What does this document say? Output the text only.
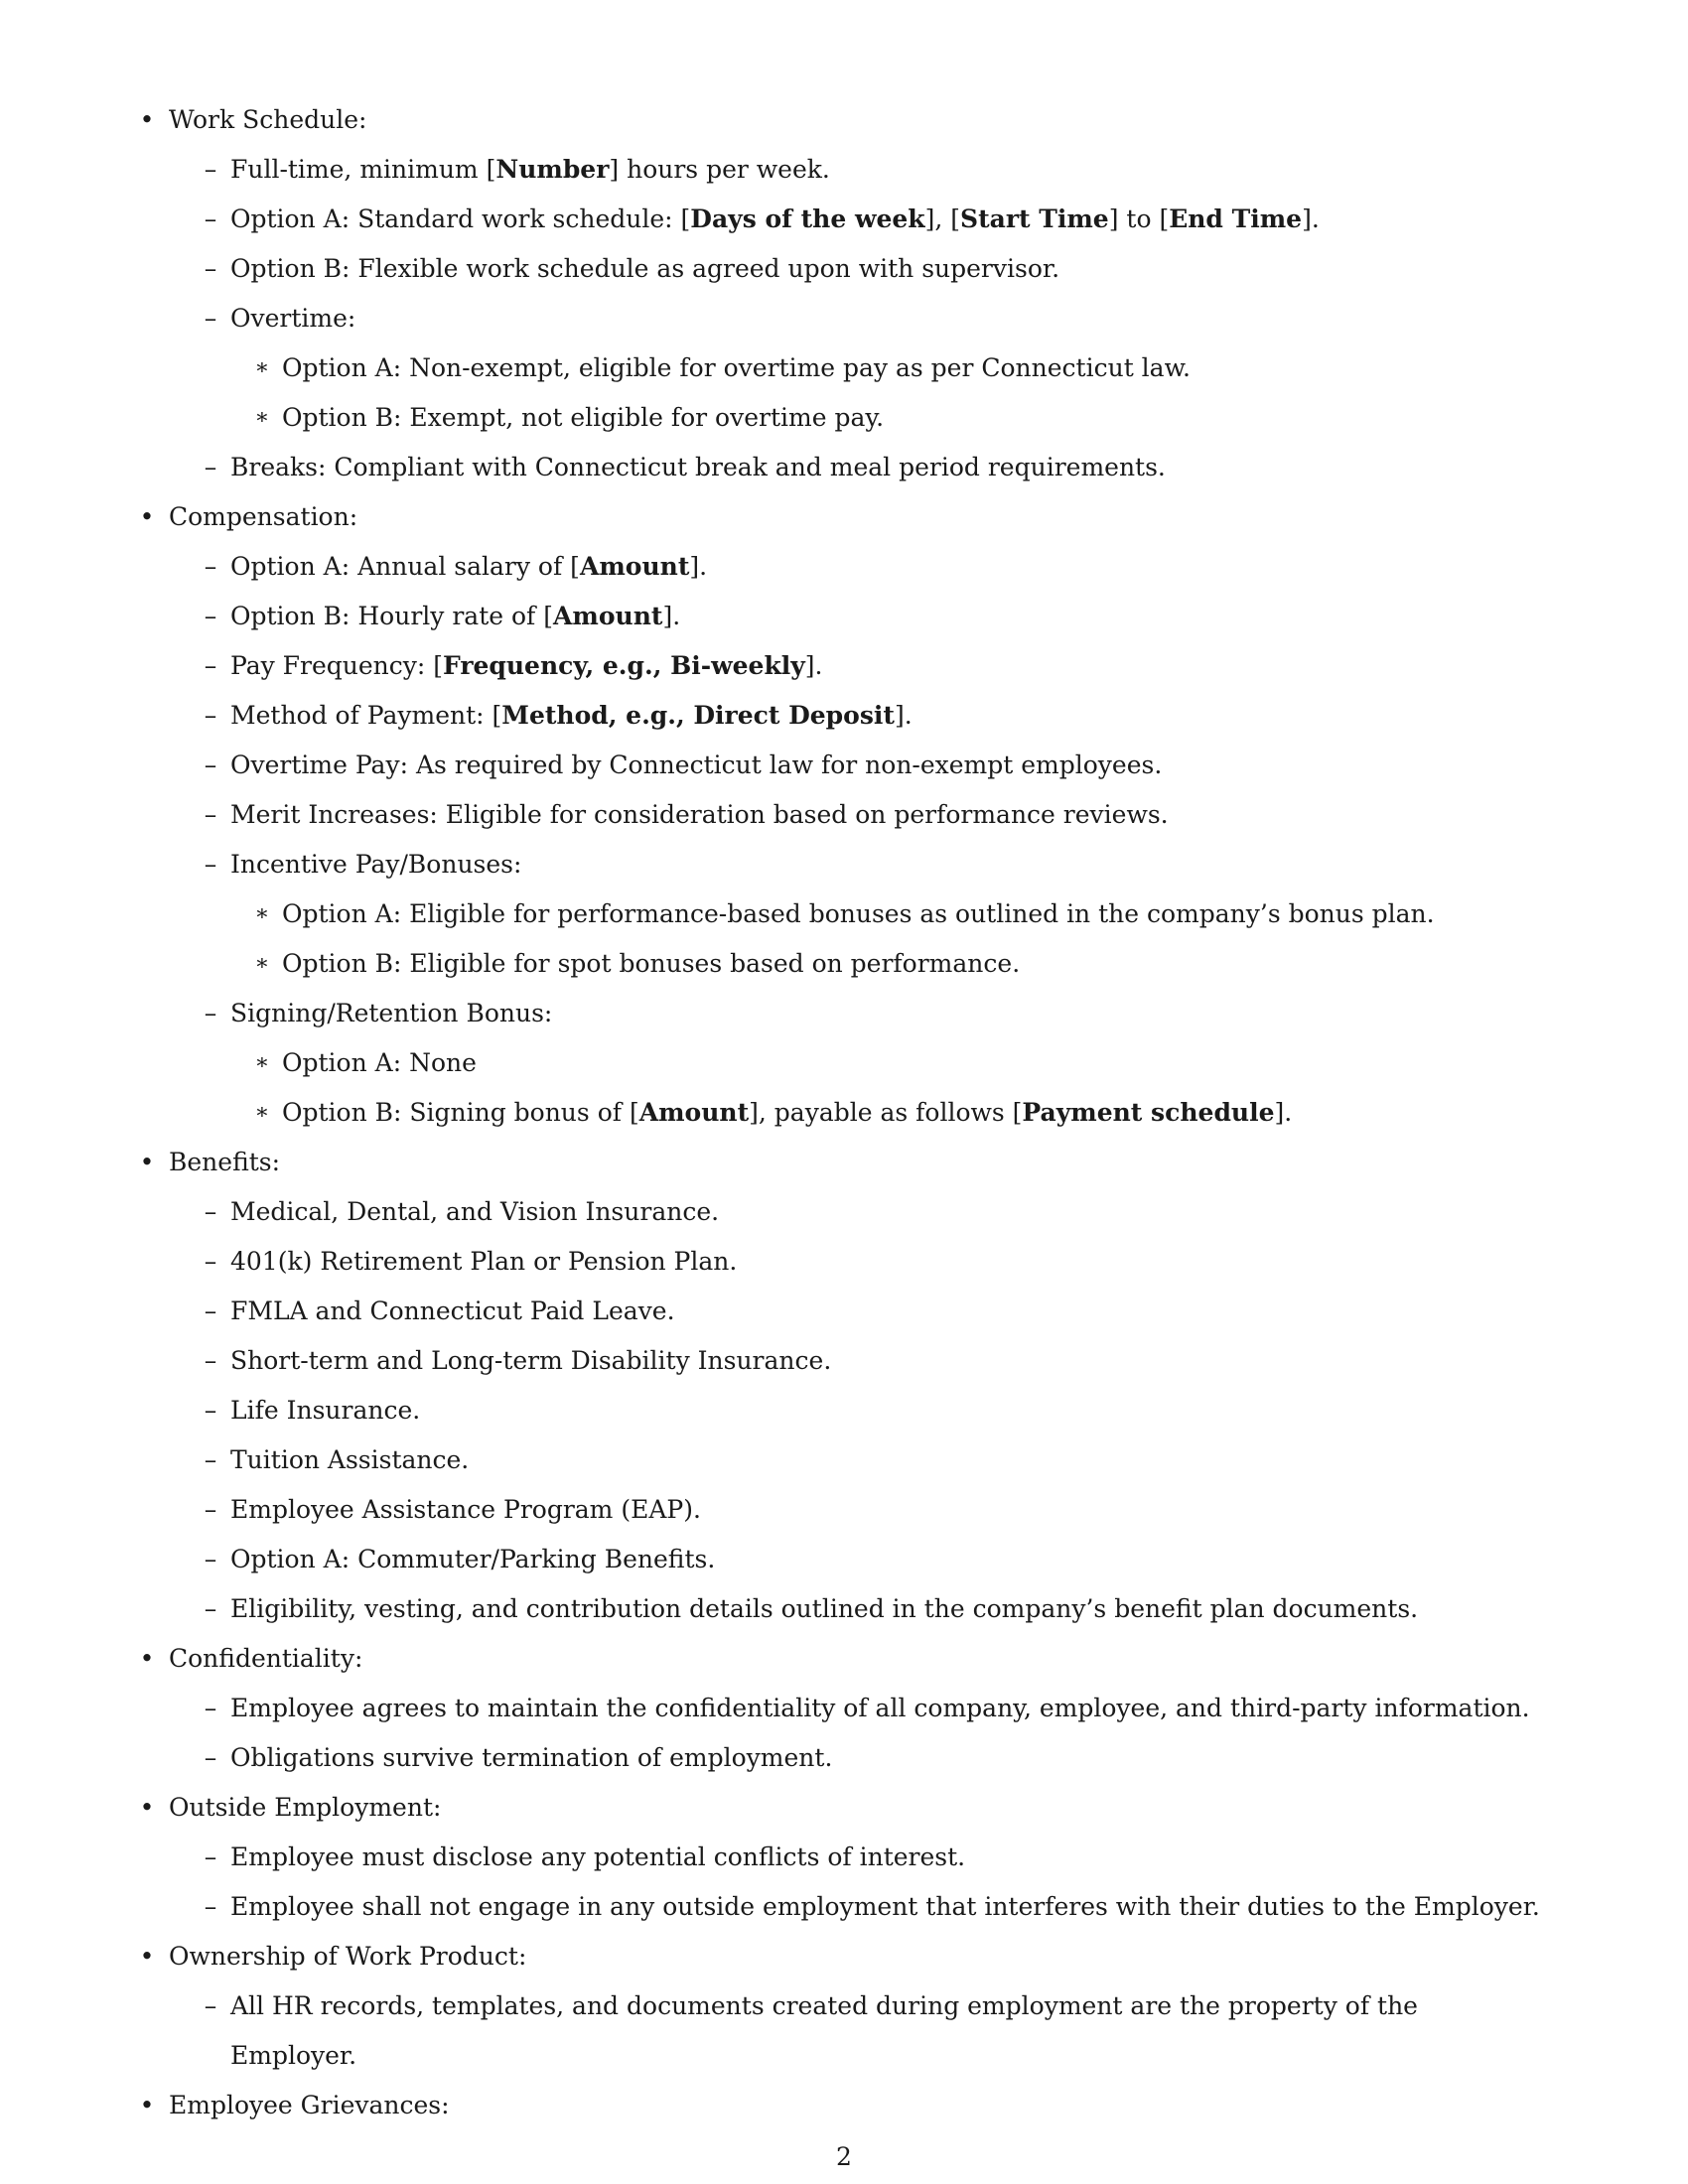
• Work Schedule:
– Full-time, minimum [Number] hours per week.
– Option A: Standard work schedule: [Days of the week], [Start Time] to [End Time].
– Option B: Flexible work schedule as agreed upon with supervisor.
– Overtime:
∗ Option A: Non-exempt, eligible for overtime pay as per Connecticut law.
∗ Option B: Exempt, not eligible for overtime pay.
– Breaks: Compliant with Connecticut break and meal period requirements.
• Compensation:
– Option A: Annual salary of [Amount].
– Option B: Hourly rate of [Amount].
– Pay Frequency: [Frequency, e.g., Bi-weekly].
– Method of Payment: [Method, e.g., Direct Deposit].
– Overtime Pay: As required by Connecticut law for non-exempt employees.
– Merit Increases: Eligible for consideration based on performance reviews.
– Incentive Pay/Bonuses:
∗ Option A: Eligible for performance-based bonuses as outlined in the company’s bonus plan.
∗ Option B: Eligible for spot bonuses based on performance.
– Signing/Retention Bonus:
∗ Option A: None
∗ Option B: Signing bonus of [Amount], payable as follows [Payment schedule].
• Benefits:
– Medical, Dental, and Vision Insurance.
– 401(k) Retirement Plan or Pension Plan.
– FMLA and Connecticut Paid Leave.
– Short-term and Long-term Disability Insurance.
– Life Insurance.
– Tuition Assistance.
– Employee Assistance Program (EAP).
– Option A: Commuter/Parking Benefits.
– Eligibility, vesting, and contribution details outlined in the company’s benefit plan documents.
• Confidentiality:
– Employee agrees to maintain the confidentiality of all company, employee, and third-party information.
– Obligations survive termination of employment.
• Outside Employment:
– Employee must disclose any potential conflicts of interest.
– Employee shall not engage in any outside employment that interferes with their duties to the Employer.
• Ownership of Work Product:
– All HR records, templates, and documents created during employment are the property of the Employer.
• Employee Grievances:
2
